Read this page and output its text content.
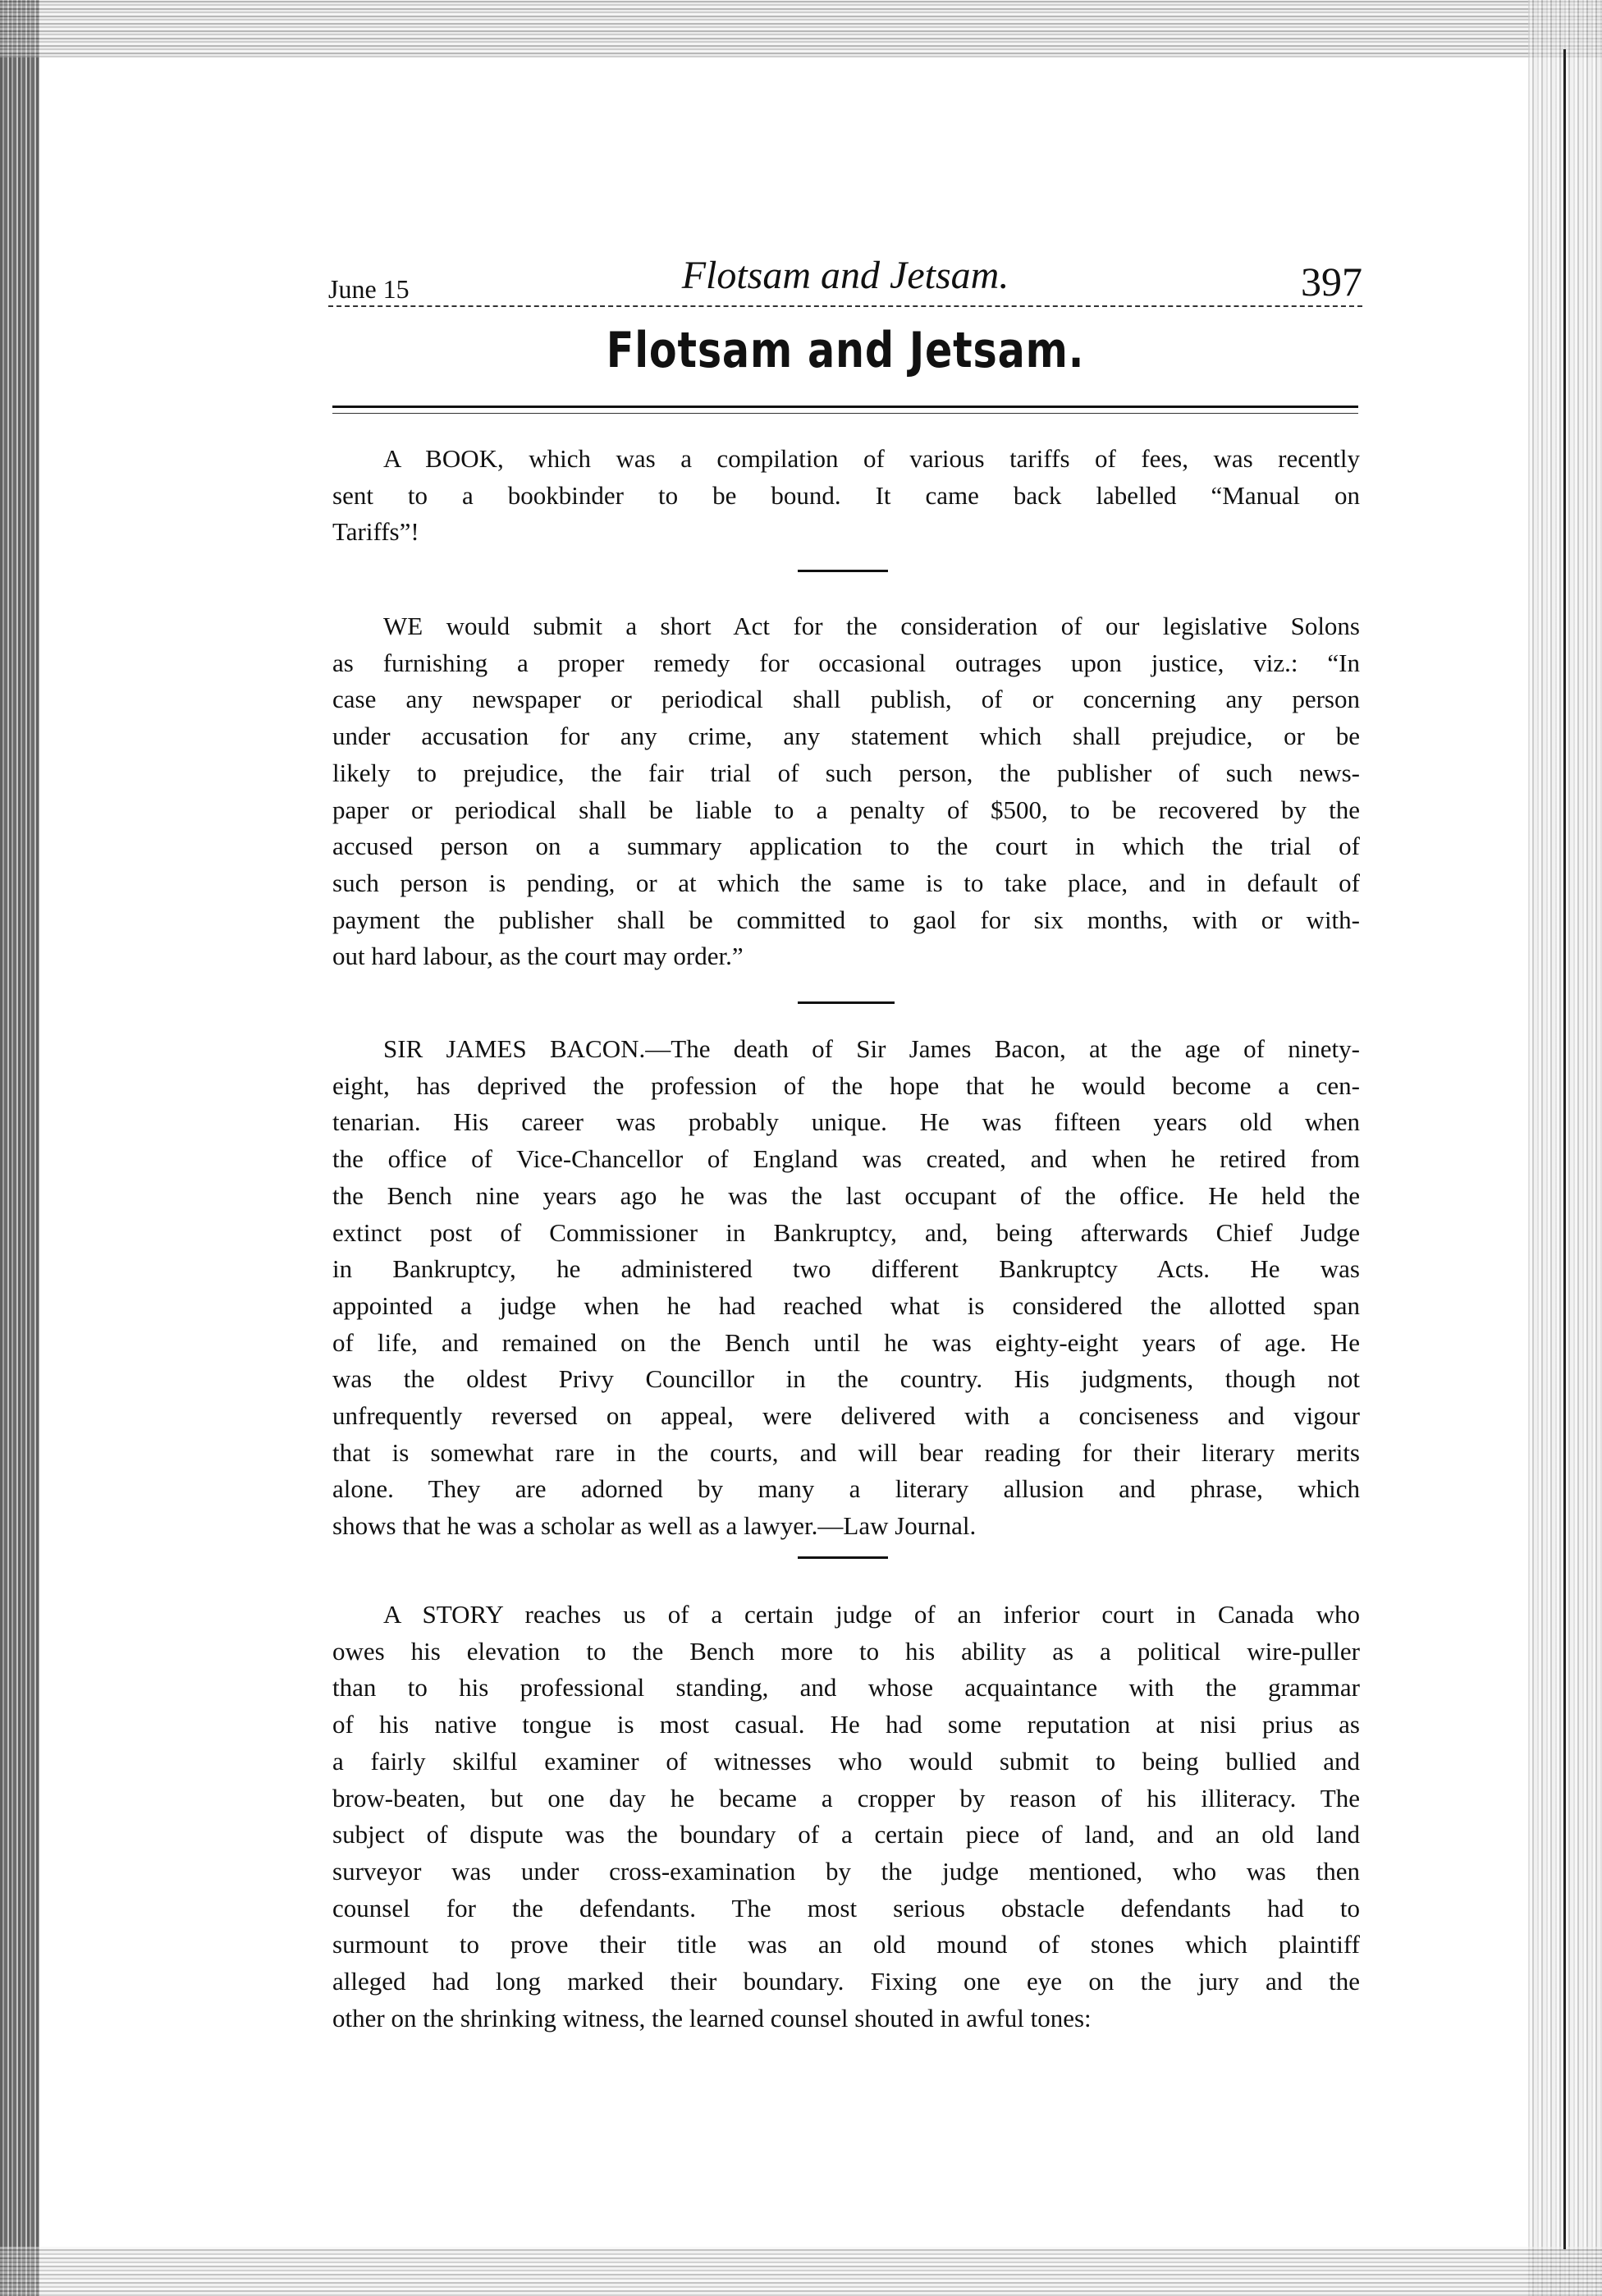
June 15	Flotsam and Jetsam.	397
Flotsam and Jetsam.
A BOOK, which was a compilation of various tariffs of fees, was recently
sent to a bookbinder to be bound. It came back labelled “Manual on
Tariffs”!
WE would submit a short Act for the consideration of our legislative Solons
as furnishing a proper remedy for occasional outrages upon justice, viz.: “In
case any newspaper or periodical shall publish, of or concerning any person
under accusation for any crime, any statement which shall prejudice, or be
likely to prejudice, the fair trial of such person, the publisher of such news-
paper or periodical shall be liable to a penalty of $500, to be recovered by the
accused person on a summary application to the court in which the trial of
such person is pending, or at which the same is to take place, and in default of
payment the publisher shall be committed to gaol for six months, with or with-
out hard labour, as the court may order.”
SIR JAMES BACON.—The death of Sir James Bacon, at the age of ninety-
eight, has deprived the profession of the hope that he would become a cen-
tenarian. His career was probably unique. He was fifteen years old when
the office of Vice-Chancellor of England was created, and when he retired from
the Bench nine years ago he was the last occupant of the office. He held the
extinct post of Commissioner in Bankruptcy, and, being afterwards Chief Judge
in Bankruptcy, he administered two different Bankruptcy Acts. He was
appointed a judge when he had reached what is considered the allotted span
of life, and remained on the Bench until he was eighty-eight years of age. He
was the oldest Privy Councillor in the country. His judgments, though not
unfrequently reversed on appeal, were delivered with a conciseness and vigour
that is somewhat rare in the courts, and will bear reading for their literary merits
alone. They are adorned by many a literary allusion and phrase, which
shows that he was a scholar as well as a lawyer.—Law Journal.
A STORY reaches us of a certain judge of an inferior court in Canada who
owes his elevation to the Bench more to his ability as a political wire-puller
than to his professional standing, and whose acquaintance with the grammar
of his native tongue is most casual. He had some reputation at nisi prius as
a fairly skilful examiner of witnesses who would submit to being bullied and
brow-beaten, but one day he became a cropper by reason of his illiteracy. The
subject of dispute was the boundary of a certain piece of land, and an old land
surveyor was under cross-examination by the judge mentioned, who was then
counsel for the defendants. The most serious obstacle defendants had to
surmount to prove their title was an old mound of stones which plaintiff
alleged had long marked their boundary. Fixing one eye on the jury and the
other on the shrinking witness, the learned counsel shouted in awful tones:
